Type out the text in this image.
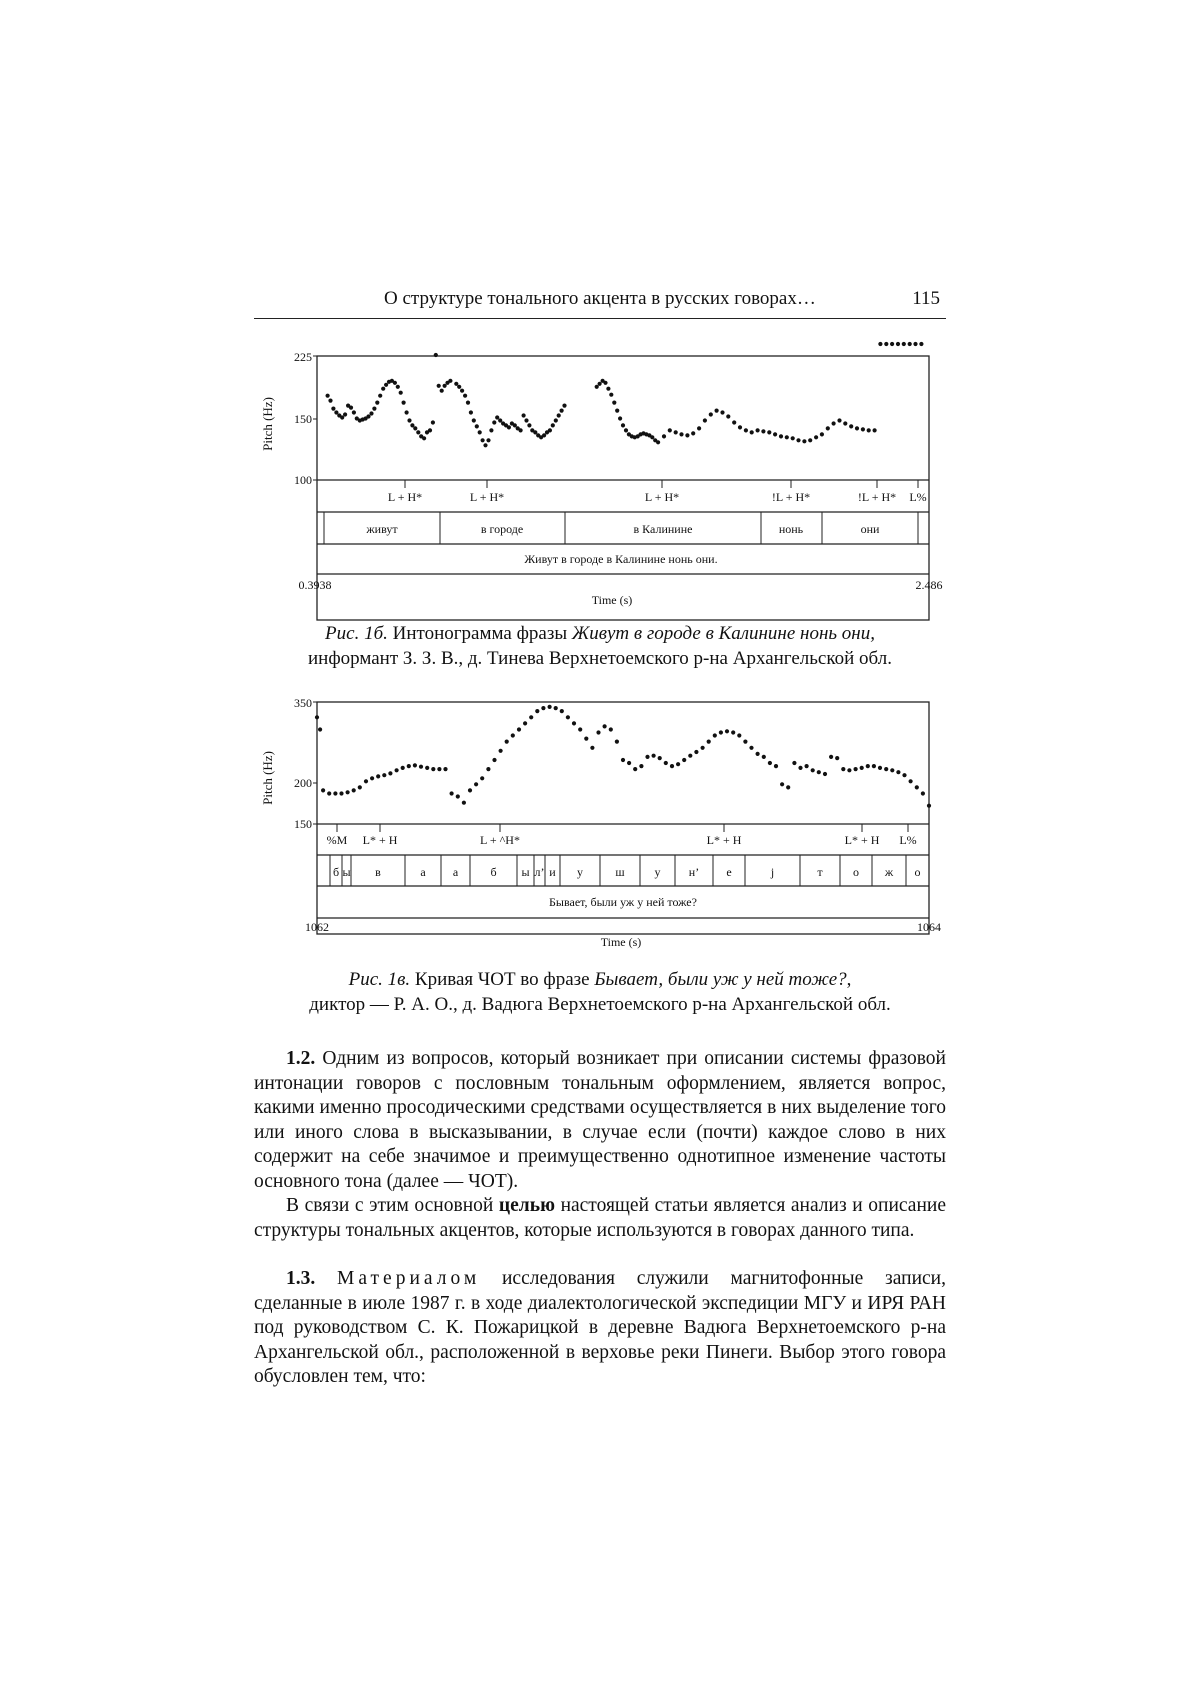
О структуре тонального акцента в русских говорах…	115
Pitch (Hz)
225
150
100
L + H*	L + H*	L + H*	!L + H*	!L + H* L%
живут	в городе	в Калинине	нонь	они
Живут в городе в Калинине нонь они.
0.3938	2.486
Time (s)
Рис. 1б. Интонограмма фразы Живут в городе в Калинине нонь они,
информант З. З. В., д. Тинева Верхнетоемского р-на Архангельской обл.
Pitch (Hz)
350
200
150
%M L* + H	L + ^H*	L* + H	L* + H L%
б ы в	а а	б ы л’ и у	ш у н’ е	j	т	о ж о
Бывает, были уж у ней тоже?
1062	1064
Time (s)
Рис. 1в. Кривая ЧОТ во фразе Бывает, были уж у ней тоже?,
диктор — Р. А. О., д. Вадюга Верхнетоемского р-на Архангельской обл.

1.2. Одним из вопросов, который возникает при описании системы фразовой интонации говоров с пословным тональным оформлением, является вопрос, какими именно просодическими средствами осуществляется в них выделение того или иного слова в высказывании, в случае если (почти) каждое слово в них содержит на себе значимое и преимущественно однотипное изменение частоты основного тона (далее — ЧОТ).

В связи с этим основной целью настоящей статьи является анализ и описание структуры тональных акцентов, которые используются в говорах данного типа.

1.3. Материалом исследования служили магнитофонные записи, сделанные в июле 1987 г. в ходе диалектологической экспедиции МГУ и ИРЯ РАН под руководством С. К. Пожарицкой в деревне Вадюга Верхнетоемского р-на Архангельской обл., расположенной в верховье реки Пинеги. Выбор этого говора обусловлен тем, что:
